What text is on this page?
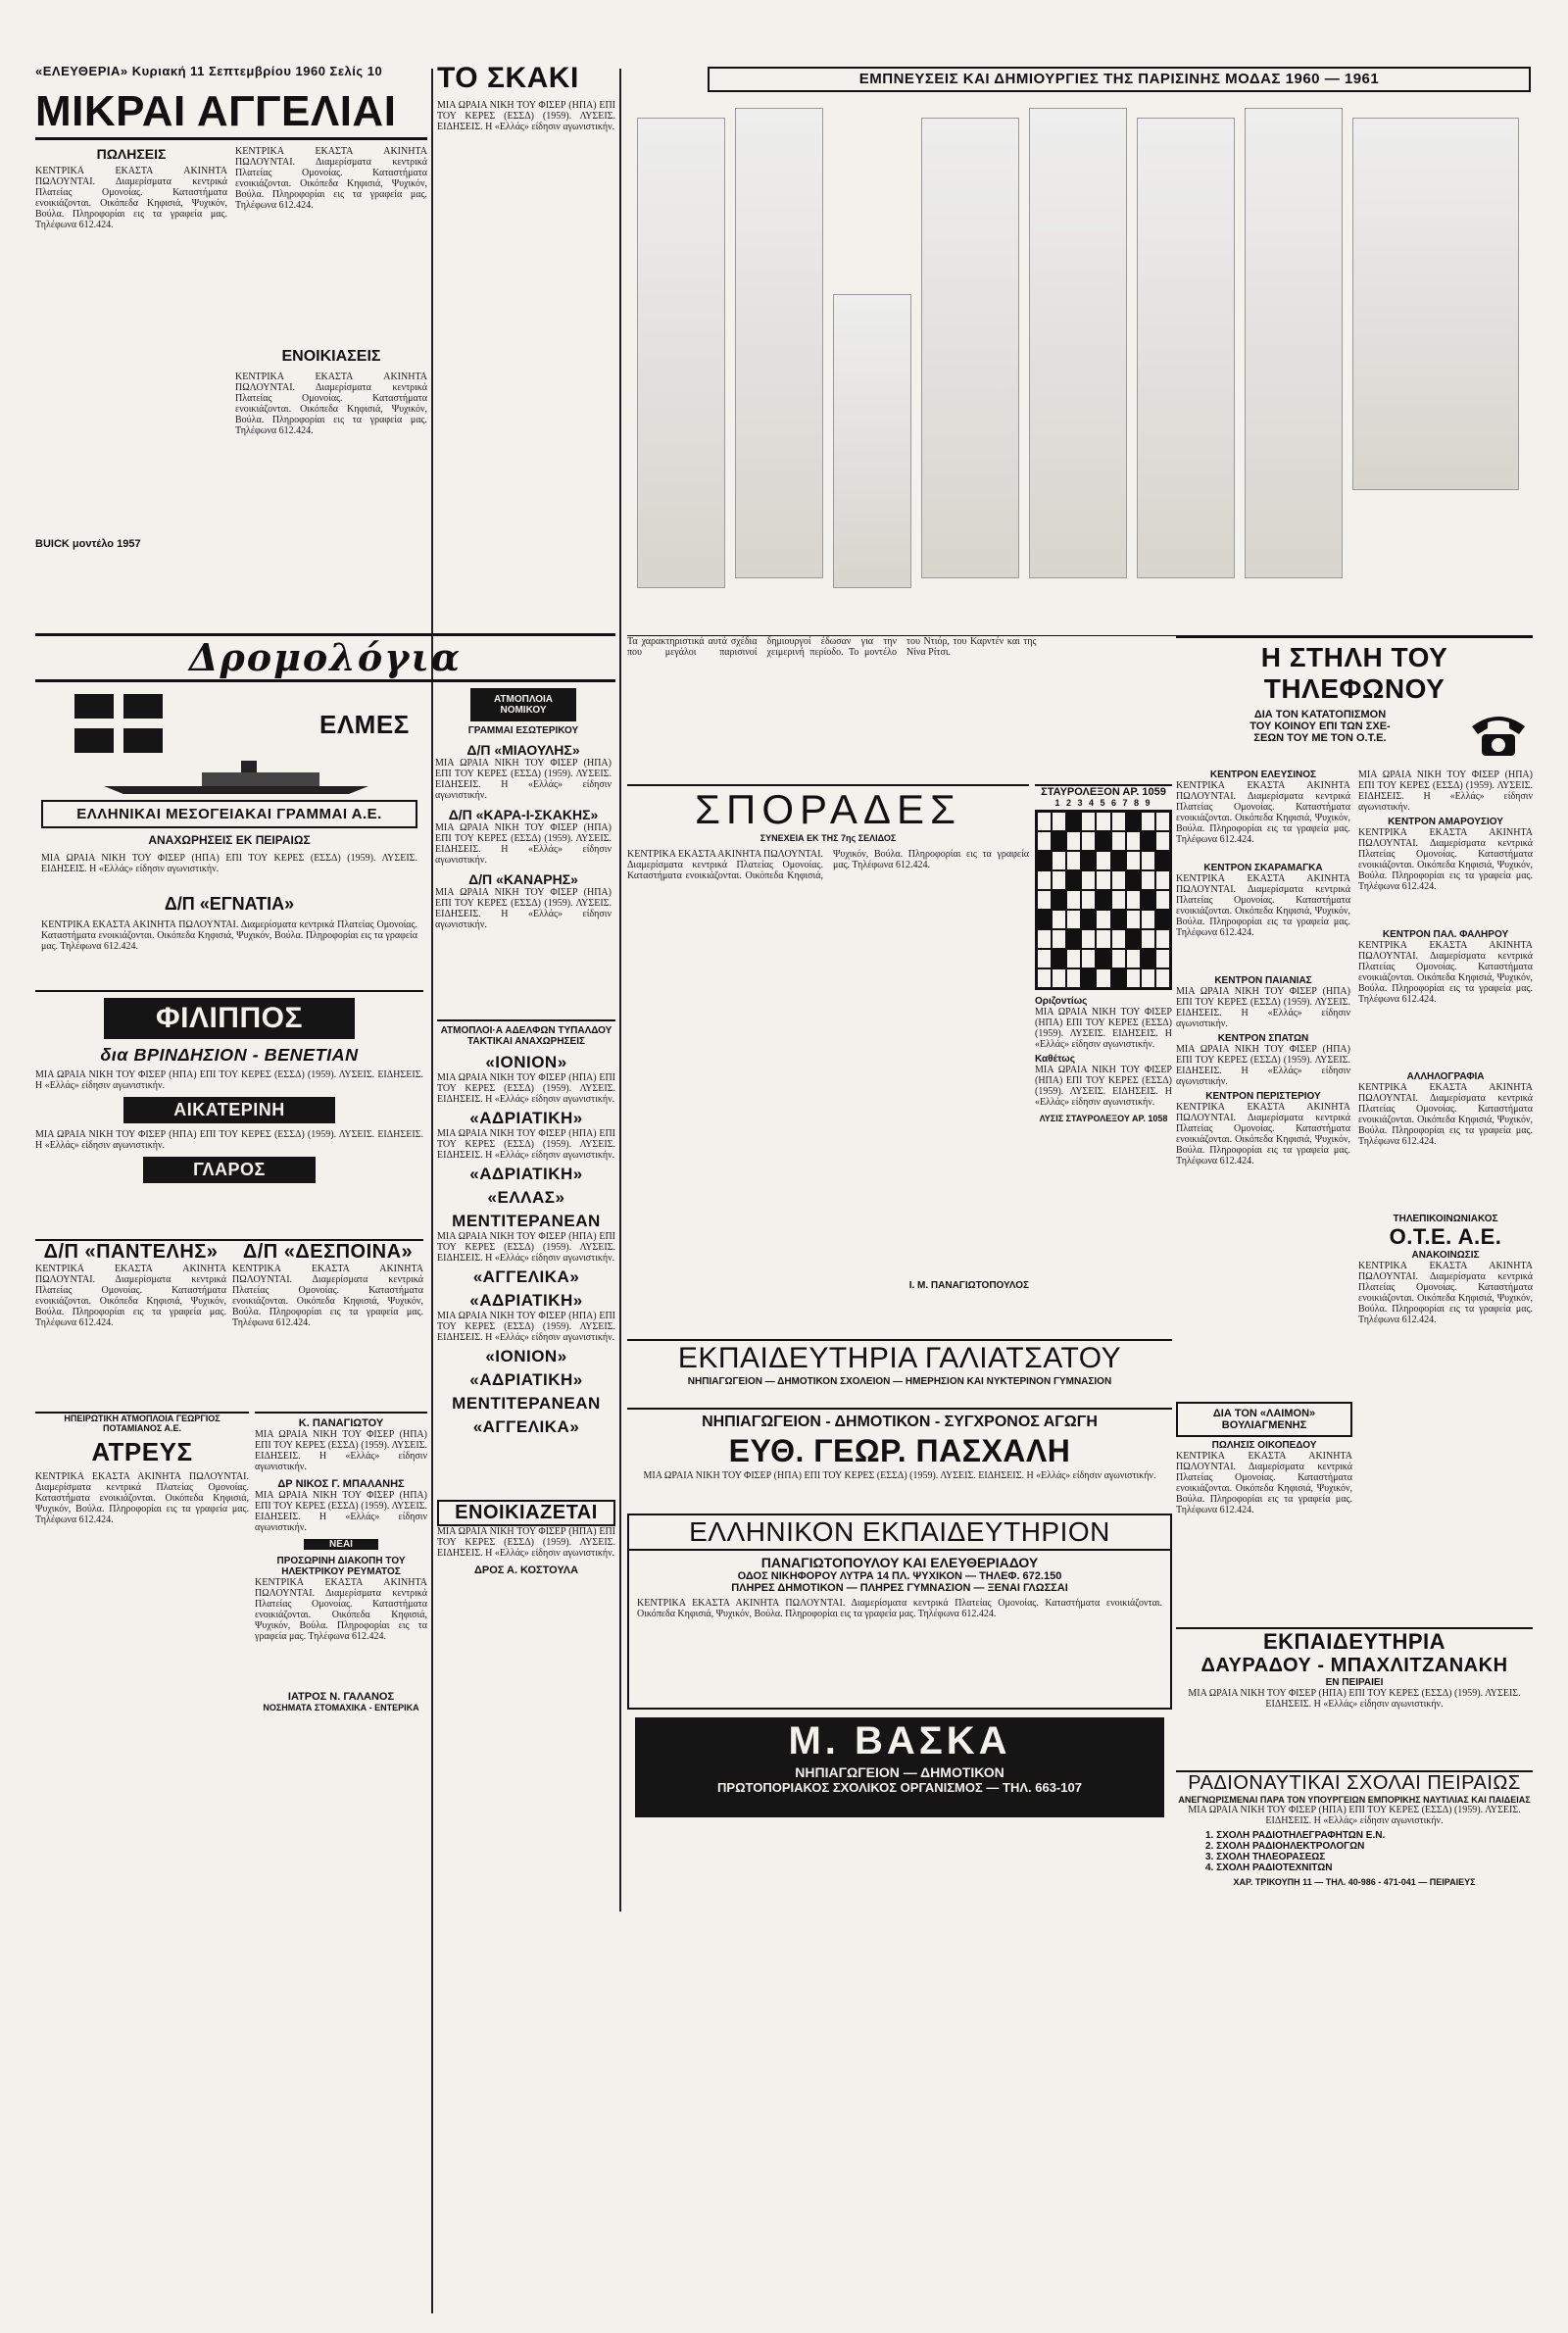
«ΕΛΕΥΘΕΡΙΑ» Κυριακή 11 Σεπτεμβρίου 1960 Σελίς 10
ΜΙΚΡΑΙ ΑΓΓΕΛΙΑΙ
ΠΩΛΗΣΕΙΣ
ΚΕΝΤΡΙΚΑ ΕΚΑΣΤΑ ΑΚΙΝΗΤΑ ΠΩΛΟΥΝΤΑΙ. Διαμερίσματα κεντρικά Πλατείας Ομονοίας. Καταστήματα ενοικιάζονται. Οικόπεδα Κηφισιά, Ψυχικόν, Βούλα. Πληροφορίαι εις τα γραφεία μας. Τηλέφωνα 612.424.
BUICK μοντέλο 1957
ΚΕΝΤΡΙΚΑ ΕΚΑΣΤΑ ΑΚΙΝΗΤΑ ΠΩΛΟΥΝΤΑΙ. Διαμερίσματα κεντρικά Πλατείας Ομονοίας. Καταστήματα ενοικιάζονται. Οικόπεδα Κηφισιά, Ψυχικόν, Βούλα. Πληροφορίαι εις τα γραφεία μας. Τηλέφωνα 612.424.
ΕΝΟΙΚΙΑΣΕΙΣ
ΚΕΝΤΡΙΚΑ ΕΚΑΣΤΑ ΑΚΙΝΗΤΑ ΠΩΛΟΥΝΤΑΙ. Διαμερίσματα κεντρικά Πλατείας Ομονοίας. Καταστήματα ενοικιάζονται. Οικόπεδα Κηφισιά, Ψυχικόν, Βούλα. Πληροφορίαι εις τα γραφεία μας. Τηλέφωνα 612.424.
ΤΟ ΣΚΑΚΙ
ΜΙΑ ΩΡΑΙΑ ΝΙΚΗ ΤΟΥ ΦΙΣΕΡ (ΗΠΑ) ΕΠΙ ΤΟΥ ΚΕΡΕΣ (ΕΣΣΔ) (1959). ΛΥΣΕΙΣ. ΕΙΔΗΣΕΙΣ. Η «Ελλάς» είδησιν αγωνιστικήν.
Δρομολόγια
ΕΛΜΕΣ
ΕΛΛΗΝΙΚΑΙ ΜΕΣΟΓΕΙΑΚΑΙ ΓΡΑΜΜΑΙ Α.Ε.
ΑΝΑΧΩΡΗΣΕΙΣ ΕΚ ΠΕΙΡΑΙΩΣ
ΜΙΑ ΩΡΑΙΑ ΝΙΚΗ ΤΟΥ ΦΙΣΕΡ (ΗΠΑ) ΕΠΙ ΤΟΥ ΚΕΡΕΣ (ΕΣΣΔ) (1959). ΛΥΣΕΙΣ. ΕΙΔΗΣΕΙΣ. Η «Ελλάς» είδησιν αγωνιστικήν.
Δ/Π «ΕΓΝΑΤΙΑ»
ΚΕΝΤΡΙΚΑ ΕΚΑΣΤΑ ΑΚΙΝΗΤΑ ΠΩΛΟΥΝΤΑΙ. Διαμερίσματα κεντρικά Πλατείας Ομονοίας. Καταστήματα ενοικιάζονται. Οικόπεδα Κηφισιά, Ψυχικόν, Βούλα. Πληροφορίαι εις τα γραφεία μας. Τηλέφωνα 612.424.
ΑΤΜΟΠΛΟΙΑ ΝΟΜΙΚΟΥ
ΓΡΑΜΜΑΙ ΕΣΩΤΕΡΙΚΟΥ
Δ/Π «ΜΙΑΟΥΛΗΣ»
ΜΙΑ ΩΡΑΙΑ ΝΙΚΗ ΤΟΥ ΦΙΣΕΡ (ΗΠΑ) ΕΠΙ ΤΟΥ ΚΕΡΕΣ (ΕΣΣΔ) (1959). ΛΥΣΕΙΣ. ΕΙΔΗΣΕΙΣ. Η «Ελλάς» είδησιν αγωνιστικήν.
Δ/Π «ΚΑΡΑ-Ι-ΣΚΑΚΗΣ»
ΜΙΑ ΩΡΑΙΑ ΝΙΚΗ ΤΟΥ ΦΙΣΕΡ (ΗΠΑ) ΕΠΙ ΤΟΥ ΚΕΡΕΣ (ΕΣΣΔ) (1959). ΛΥΣΕΙΣ. ΕΙΔΗΣΕΙΣ. Η «Ελλάς» είδησιν αγωνιστικήν.
Δ/Π «ΚΑΝΑΡΗΣ»
ΜΙΑ ΩΡΑΙΑ ΝΙΚΗ ΤΟΥ ΦΙΣΕΡ (ΗΠΑ) ΕΠΙ ΤΟΥ ΚΕΡΕΣ (ΕΣΣΔ) (1959). ΛΥΣΕΙΣ. ΕΙΔΗΣΕΙΣ. Η «Ελλάς» είδησιν αγωνιστικήν.
ΦΙΛΙΠΠΟΣ
δια ΒΡΙΝΔΗΣΙΟΝ - ΒΕΝΕΤΙΑΝ
ΜΙΑ ΩΡΑΙΑ ΝΙΚΗ ΤΟΥ ΦΙΣΕΡ (ΗΠΑ) ΕΠΙ ΤΟΥ ΚΕΡΕΣ (ΕΣΣΔ) (1959). ΛΥΣΕΙΣ. ΕΙΔΗΣΕΙΣ. Η «Ελλάς» είδησιν αγωνιστικήν.
ΑΙΚΑΤΕΡΙΝΗ
ΜΙΑ ΩΡΑΙΑ ΝΙΚΗ ΤΟΥ ΦΙΣΕΡ (ΗΠΑ) ΕΠΙ ΤΟΥ ΚΕΡΕΣ (ΕΣΣΔ) (1959). ΛΥΣΕΙΣ. ΕΙΔΗΣΕΙΣ. Η «Ελλάς» είδησιν αγωνιστικήν.
ΓΛΑΡΟΣ
Δ/Π «ΠΑΝΤΕΛΗΣ»
ΚΕΝΤΡΙΚΑ ΕΚΑΣΤΑ ΑΚΙΝΗΤΑ ΠΩΛΟΥΝΤΑΙ. Διαμερίσματα κεντρικά Πλατείας Ομονοίας. Καταστήματα ενοικιάζονται. Οικόπεδα Κηφισιά, Ψυχικόν, Βούλα. Πληροφορίαι εις τα γραφεία μας. Τηλέφωνα 612.424.
Δ/Π «ΔΕΣΠΟΙΝΑ»
ΚΕΝΤΡΙΚΑ ΕΚΑΣΤΑ ΑΚΙΝΗΤΑ ΠΩΛΟΥΝΤΑΙ. Διαμερίσματα κεντρικά Πλατείας Ομονοίας. Καταστήματα ενοικιάζονται. Οικόπεδα Κηφισιά, Ψυχικόν, Βούλα. Πληροφορίαι εις τα γραφεία μας. Τηλέφωνα 612.424.
ΗΠΕΙΡΩΤΙΚΗ ΑΤΜΟΠΛΟΙΑ ΓΕΩΡΓΙΟΣ ΠΟΤΑΜΙΑΝΟΣ Α.Ε.
ΑΤΡΕΥΣ
ΚΕΝΤΡΙΚΑ ΕΚΑΣΤΑ ΑΚΙΝΗΤΑ ΠΩΛΟΥΝΤΑΙ. Διαμερίσματα κεντρικά Πλατείας Ομονοίας. Καταστήματα ενοικιάζονται. Οικόπεδα Κηφισιά, Ψυχικόν, Βούλα. Πληροφορίαι εις τα γραφεία μας. Τηλέφωνα 612.424.
Κ. ΠΑΝΑΓΙΩΤΟΥ
ΜΙΑ ΩΡΑΙΑ ΝΙΚΗ ΤΟΥ ΦΙΣΕΡ (ΗΠΑ) ΕΠΙ ΤΟΥ ΚΕΡΕΣ (ΕΣΣΔ) (1959). ΛΥΣΕΙΣ. ΕΙΔΗΣΕΙΣ. Η «Ελλάς» είδησιν αγωνιστικήν.
ΔΡ ΝΙΚΟΣ Γ. ΜΠΑΛΑΝΗΣ
ΜΙΑ ΩΡΑΙΑ ΝΙΚΗ ΤΟΥ ΦΙΣΕΡ (ΗΠΑ) ΕΠΙ ΤΟΥ ΚΕΡΕΣ (ΕΣΣΔ) (1959). ΛΥΣΕΙΣ. ΕΙΔΗΣΕΙΣ. Η «Ελλάς» είδησιν αγωνιστικήν.
ΝΕΑΙ
ΠΡΟΣΩΡΙΝΗ ΔΙΑΚΟΠΗ ΤΟΥ ΗΛΕΚΤΡΙΚΟΥ ΡΕΥΜΑΤΟΣ
ΚΕΝΤΡΙΚΑ ΕΚΑΣΤΑ ΑΚΙΝΗΤΑ ΠΩΛΟΥΝΤΑΙ. Διαμερίσματα κεντρικά Πλατείας Ομονοίας. Καταστήματα ενοικιάζονται. Οικόπεδα Κηφισιά, Ψυχικόν, Βούλα. Πληροφορίαι εις τα γραφεία μας. Τηλέφωνα 612.424.
ΙΑΤΡΟΣ Ν. ΓΑΛΑΝΟΣ
ΝΟΣΗΜΑΤΑ ΣΤΟΜΑΧΙΚΑ - ΕΝΤΕΡΙΚΑ
ΑΤΜΟΠΛΟΙ·Α ΑΔΕΛΦΩΝ ΤΥΠΑΛΔΟΥ
ΤΑΚΤΙΚΑΙ ΑΝΑΧΩΡΗΣΕΙΣ
«ΙΟΝΙΟΝ»
ΜΙΑ ΩΡΑΙΑ ΝΙΚΗ ΤΟΥ ΦΙΣΕΡ (ΗΠΑ) ΕΠΙ ΤΟΥ ΚΕΡΕΣ (ΕΣΣΔ) (1959). ΛΥΣΕΙΣ. ΕΙΔΗΣΕΙΣ. Η «Ελλάς» είδησιν αγωνιστικήν.
«ΑΔΡΙΑΤΙΚΗ»
ΜΙΑ ΩΡΑΙΑ ΝΙΚΗ ΤΟΥ ΦΙΣΕΡ (ΗΠΑ) ΕΠΙ ΤΟΥ ΚΕΡΕΣ (ΕΣΣΔ) (1959). ΛΥΣΕΙΣ. ΕΙΔΗΣΕΙΣ. Η «Ελλάς» είδησιν αγωνιστικήν.
«ΑΔΡΙΑΤΙΚΗ»
«ΕΛΛΑΣ»
ΜΕΝΤΙΤΕΡΑΝΕΑΝ
ΜΙΑ ΩΡΑΙΑ ΝΙΚΗ ΤΟΥ ΦΙΣΕΡ (ΗΠΑ) ΕΠΙ ΤΟΥ ΚΕΡΕΣ (ΕΣΣΔ) (1959). ΛΥΣΕΙΣ. ΕΙΔΗΣΕΙΣ. Η «Ελλάς» είδησιν αγωνιστικήν.
«ΑΓΓΕΛΙΚΑ»
«ΑΔΡΙΑΤΙΚΗ»
ΜΙΑ ΩΡΑΙΑ ΝΙΚΗ ΤΟΥ ΦΙΣΕΡ (ΗΠΑ) ΕΠΙ ΤΟΥ ΚΕΡΕΣ (ΕΣΣΔ) (1959). ΛΥΣΕΙΣ. ΕΙΔΗΣΕΙΣ. Η «Ελλάς» είδησιν αγωνιστικήν.
«ΙΟΝΙΟΝ»
«ΑΔΡΙΑΤΙΚΗ»
ΜΕΝΤΙΤΕΡΑΝΕΑΝ
«ΑΓΓΕΛΙΚΑ»
ΕΜΠΝΕΥΣΕΙΣ ΚΑΙ ΔΗΜΙΟΥΡΓΙΕΣ ΤΗΣ ΠΑΡΙΣΙΝΗΣ ΜΟΔΑΣ 1960 — 1961
Τα χαρακτηριστικά αυτά σχέδια που μεγάλοι παρισινοί δημιουργοί έδωσαν για την χειμερινή περίοδο. Το μοντέλο του Ντιόρ, του Καρντέν και της Νίνα Ρίτσι.
ΣΠΟΡΑΔΕΣ
ΣΥΝΕΧΕΙΑ ΕΚ ΤΗΣ 7ης ΣΕΛΙΔΟΣ
ΚΕΝΤΡΙΚΑ ΕΚΑΣΤΑ ΑΚΙΝΗΤΑ ΠΩΛΟΥΝΤΑΙ. Διαμερίσματα κεντρικά Πλατείας Ομονοίας. Καταστήματα ενοικιάζονται. Οικόπεδα Κηφισιά, Ψυχικόν, Βούλα. Πληροφορίαι εις τα γραφεία μας. Τηλέφωνα 612.424.
Ι. Μ. ΠΑΝΑΓΙΩΤΟΠΟΥΛΟΣ
ΣΤΑΥΡΟΛΕΞΟΝ ΑΡ. 1059
1 2 3 4 5 6 7 8 9
Οριζοντίως
ΜΙΑ ΩΡΑΙΑ ΝΙΚΗ ΤΟΥ ΦΙΣΕΡ (ΗΠΑ) ΕΠΙ ΤΟΥ ΚΕΡΕΣ (ΕΣΣΔ) (1959). ΛΥΣΕΙΣ. ΕΙΔΗΣΕΙΣ. Η «Ελλάς» είδησιν αγωνιστικήν.
Καθέτως
ΜΙΑ ΩΡΑΙΑ ΝΙΚΗ ΤΟΥ ΦΙΣΕΡ (ΗΠΑ) ΕΠΙ ΤΟΥ ΚΕΡΕΣ (ΕΣΣΔ) (1959). ΛΥΣΕΙΣ. ΕΙΔΗΣΕΙΣ. Η «Ελλάς» είδησιν αγωνιστικήν.
ΛΥΣΙΣ ΣΤΑΥΡΟΛΕΞΟΥ ΑΡ. 1058
Η ΣΤΗΛΗ ΤΟΥ ΤΗΛΕΦΩΝΟΥ
ΔΙΑ ΤΟΝ ΚΑΤΑΤΟΠΙΣΜΟΝ
ΤΟΥ ΚΟΙΝΟΥ ΕΠΙ ΤΩΝ ΣΧΕ-
ΣΕΩΝ ΤΟΥ ΜΕ ΤΟΝ Ο.Τ.Ε.
ΚΕΝΤΡΟΝ ΕΛΕΥΣΙΝΟΣ
ΚΕΝΤΡΙΚΑ ΕΚΑΣΤΑ ΑΚΙΝΗΤΑ ΠΩΛΟΥΝΤΑΙ. Διαμερίσματα κεντρικά Πλατείας Ομονοίας. Καταστήματα ενοικιάζονται. Οικόπεδα Κηφισιά, Ψυχικόν, Βούλα. Πληροφορίαι εις τα γραφεία μας. Τηλέφωνα 612.424.
ΚΕΝΤΡΟΝ ΣΚΑΡΑΜΑΓΚΑ
ΚΕΝΤΡΙΚΑ ΕΚΑΣΤΑ ΑΚΙΝΗΤΑ ΠΩΛΟΥΝΤΑΙ. Διαμερίσματα κεντρικά Πλατείας Ομονοίας. Καταστήματα ενοικιάζονται. Οικόπεδα Κηφισιά, Ψυχικόν, Βούλα. Πληροφορίαι εις τα γραφεία μας. Τηλέφωνα 612.424.
ΚΕΝΤΡΟΝ ΠΑΙΑΝΙΑΣ
ΜΙΑ ΩΡΑΙΑ ΝΙΚΗ ΤΟΥ ΦΙΣΕΡ (ΗΠΑ) ΕΠΙ ΤΟΥ ΚΕΡΕΣ (ΕΣΣΔ) (1959). ΛΥΣΕΙΣ. ΕΙΔΗΣΕΙΣ. Η «Ελλάς» είδησιν αγωνιστικήν.
ΚΕΝΤΡΟΝ ΣΠΑΤΩΝ
ΜΙΑ ΩΡΑΙΑ ΝΙΚΗ ΤΟΥ ΦΙΣΕΡ (ΗΠΑ) ΕΠΙ ΤΟΥ ΚΕΡΕΣ (ΕΣΣΔ) (1959). ΛΥΣΕΙΣ. ΕΙΔΗΣΕΙΣ. Η «Ελλάς» είδησιν αγωνιστικήν.
ΚΕΝΤΡΟΝ ΠΕΡΙΣΤΕΡΙΟΥ
ΚΕΝΤΡΙΚΑ ΕΚΑΣΤΑ ΑΚΙΝΗΤΑ ΠΩΛΟΥΝΤΑΙ. Διαμερίσματα κεντρικά Πλατείας Ομονοίας. Καταστήματα ενοικιάζονται. Οικόπεδα Κηφισιά, Ψυχικόν, Βούλα. Πληροφορίαι εις τα γραφεία μας. Τηλέφωνα 612.424.
ΜΙΑ ΩΡΑΙΑ ΝΙΚΗ ΤΟΥ ΦΙΣΕΡ (ΗΠΑ) ΕΠΙ ΤΟΥ ΚΕΡΕΣ (ΕΣΣΔ) (1959). ΛΥΣΕΙΣ. ΕΙΔΗΣΕΙΣ. Η «Ελλάς» είδησιν αγωνιστικήν.
ΚΕΝΤΡΟΝ ΑΜΑΡΟΥΣΙΟΥ
ΚΕΝΤΡΙΚΑ ΕΚΑΣΤΑ ΑΚΙΝΗΤΑ ΠΩΛΟΥΝΤΑΙ. Διαμερίσματα κεντρικά Πλατείας Ομονοίας. Καταστήματα ενοικιάζονται. Οικόπεδα Κηφισιά, Ψυχικόν, Βούλα. Πληροφορίαι εις τα γραφεία μας. Τηλέφωνα 612.424.
ΚΕΝΤΡΟΝ ΠΑΛ. ΦΑΛΗΡΟΥ
ΚΕΝΤΡΙΚΑ ΕΚΑΣΤΑ ΑΚΙΝΗΤΑ ΠΩΛΟΥΝΤΑΙ. Διαμερίσματα κεντρικά Πλατείας Ομονοίας. Καταστήματα ενοικιάζονται. Οικόπεδα Κηφισιά, Ψυχικόν, Βούλα. Πληροφορίαι εις τα γραφεία μας. Τηλέφωνα 612.424.
ΑΛΛΗΛΟΓΡΑΦΙΑ
ΚΕΝΤΡΙΚΑ ΕΚΑΣΤΑ ΑΚΙΝΗΤΑ ΠΩΛΟΥΝΤΑΙ. Διαμερίσματα κεντρικά Πλατείας Ομονοίας. Καταστήματα ενοικιάζονται. Οικόπεδα Κηφισιά, Ψυχικόν, Βούλα. Πληροφορίαι εις τα γραφεία μας. Τηλέφωνα 612.424.
ΤΗΛΕΠΙΚΟΙΝΩΝΙΑΚΟΣ
Ο.Τ.Ε. Α.Ε.
ΑΝΑΚΟΙΝΩΣΙΣ
ΚΕΝΤΡΙΚΑ ΕΚΑΣΤΑ ΑΚΙΝΗΤΑ ΠΩΛΟΥΝΤΑΙ. Διαμερίσματα κεντρικά Πλατείας Ομονοίας. Καταστήματα ενοικιάζονται. Οικόπεδα Κηφισιά, Ψυχικόν, Βούλα. Πληροφορίαι εις τα γραφεία μας. Τηλέφωνα 612.424.
ΔΙΑ ΤΟΝ «ΛΑΙΜΟΝ» ΒΟΥΛΙΑΓΜΕΝΗΣ
ΠΩΛΗΣΙΣ ΟΙΚΟΠΕΔΟΥ
ΚΕΝΤΡΙΚΑ ΕΚΑΣΤΑ ΑΚΙΝΗΤΑ ΠΩΛΟΥΝΤΑΙ. Διαμερίσματα κεντρικά Πλατείας Ομονοίας. Καταστήματα ενοικιάζονται. Οικόπεδα Κηφισιά, Ψυχικόν, Βούλα. Πληροφορίαι εις τα γραφεία μας. Τηλέφωνα 612.424.
ΕΝΟΙΚΙΑΖΕΤΑΙ
ΜΙΑ ΩΡΑΙΑ ΝΙΚΗ ΤΟΥ ΦΙΣΕΡ (ΗΠΑ) ΕΠΙ ΤΟΥ ΚΕΡΕΣ (ΕΣΣΔ) (1959). ΛΥΣΕΙΣ. ΕΙΔΗΣΕΙΣ. Η «Ελλάς» είδησιν αγωνιστικήν.
ΔΡΟΣ Α. ΚΟΣΤΟΥΛΑ
ΕΚΠΑΙΔΕΥΤΗΡΙΑ ΓΑΛΙΑΤΣΑΤΟΥ
ΝΗΠΙΑΓΩΓΕΙΟΝ — ΔΗΜΟΤΙΚΟΝ ΣΧΟΛΕΙΟΝ — ΗΜΕΡΗΣΙΟΝ ΚΑΙ ΝΥΚΤΕΡΙΝΟΝ ΓΥΜΝΑΣΙΟΝ
ΝΗΠΙΑΓΩΓΕΙΟΝ - ΔΗΜΟΤΙΚΟΝ - ΣΥΓΧΡΟΝΟΣ ΑΓΩΓΗ
ΕΥΘ. ΓΕΩΡ. ΠΑΣΧΑΛΗ
ΜΙΑ ΩΡΑΙΑ ΝΙΚΗ ΤΟΥ ΦΙΣΕΡ (ΗΠΑ) ΕΠΙ ΤΟΥ ΚΕΡΕΣ (ΕΣΣΔ) (1959). ΛΥΣΕΙΣ. ΕΙΔΗΣΕΙΣ. Η «Ελλάς» είδησιν αγωνιστικήν.
ΕΛΛΗΝΙΚΟΝ ΕΚΠΑΙΔΕΥΤΗΡΙΟΝ
ΠΑΝΑΓΙΩΤΟΠΟΥΛΟΥ ΚΑΙ ΕΛΕΥΘΕΡΙΑΔΟΥ
ΟΔΟΣ ΝΙΚΗΦΟΡΟΥ ΛΥΤΡΑ 14 ΠΛ. ΨΥΧΙΚΟΝ — ΤΗΛΕΦ. 672.150
ΠΛΗΡΕΣ ΔΗΜΟΤΙΚΟΝ — ΠΛΗΡΕΣ ΓΥΜΝΑΣΙΟΝ — ΞΕΝΑΙ ΓΛΩΣΣΑΙ
ΚΕΝΤΡΙΚΑ ΕΚΑΣΤΑ ΑΚΙΝΗΤΑ ΠΩΛΟΥΝΤΑΙ. Διαμερίσματα κεντρικά Πλατείας Ομονοίας. Καταστήματα ενοικιάζονται. Οικόπεδα Κηφισιά, Ψυχικόν, Βούλα. Πληροφορίαι εις τα γραφεία μας. Τηλέφωνα 612.424.
Μ. ΒΑΣΚΑ
ΝΗΠΙΑΓΩΓΕΙΟΝ — ΔΗΜΟΤΙΚΟΝ
ΠΡΩΤΟΠΟΡΙΑΚΟΣ ΣΧΟΛΙΚΟΣ ΟΡΓΑΝΙΣΜΟΣ — ΤΗΛ. 663-107
ΕΚΠΑΙΔΕΥΤΗΡΙΑ
ΔΑΥΡΑΔΟΥ - ΜΠΑΧΛΙΤΖΑΝΑΚΗ
ΕΝ ΠΕΙΡΑΙΕΙ
ΜΙΑ ΩΡΑΙΑ ΝΙΚΗ ΤΟΥ ΦΙΣΕΡ (ΗΠΑ) ΕΠΙ ΤΟΥ ΚΕΡΕΣ (ΕΣΣΔ) (1959). ΛΥΣΕΙΣ. ΕΙΔΗΣΕΙΣ. Η «Ελλάς» είδησιν αγωνιστικήν.
ΡΑΔΙΟΝΑΥΤΙΚΑΙ ΣΧΟΛΑΙ ΠΕΙΡΑΙΩΣ
ΑΝΕΓΝΩΡΙΣΜΕΝΑΙ ΠΑΡΑ ΤΟΝ ΥΠΟΥΡΓΕΙΩΝ ΕΜΠΟΡΙΚΗΣ ΝΑΥΤΙΛΙΑΣ ΚΑΙ ΠΑΙΔΕΙΑΣ
ΜΙΑ ΩΡΑΙΑ ΝΙΚΗ ΤΟΥ ΦΙΣΕΡ (ΗΠΑ) ΕΠΙ ΤΟΥ ΚΕΡΕΣ (ΕΣΣΔ) (1959). ΛΥΣΕΙΣ. ΕΙΔΗΣΕΙΣ. Η «Ελλάς» είδησιν αγωνιστικήν.
1. ΣΧΟΛΗ ΡΑΔΙΟΤΗΛΕΓΡΑΦΗΤΩΝ Ε.Ν.
2. ΣΧΟΛΗ ΡΑΔΙΟΗΛΕΚΤΡΟΛΟΓΩΝ
3. ΣΧΟΛΗ ΤΗΛΕΟΡΑΣΕΩΣ
4. ΣΧΟΛΗ ΡΑΔΙΟΤΕΧΝΙΤΩΝ
ΧΑΡ. ΤΡΙΚΟΥΠΗ 11 — ΤΗΛ. 40-986 - 471-041 — ΠΕΙΡΑΙΕΥΣ
